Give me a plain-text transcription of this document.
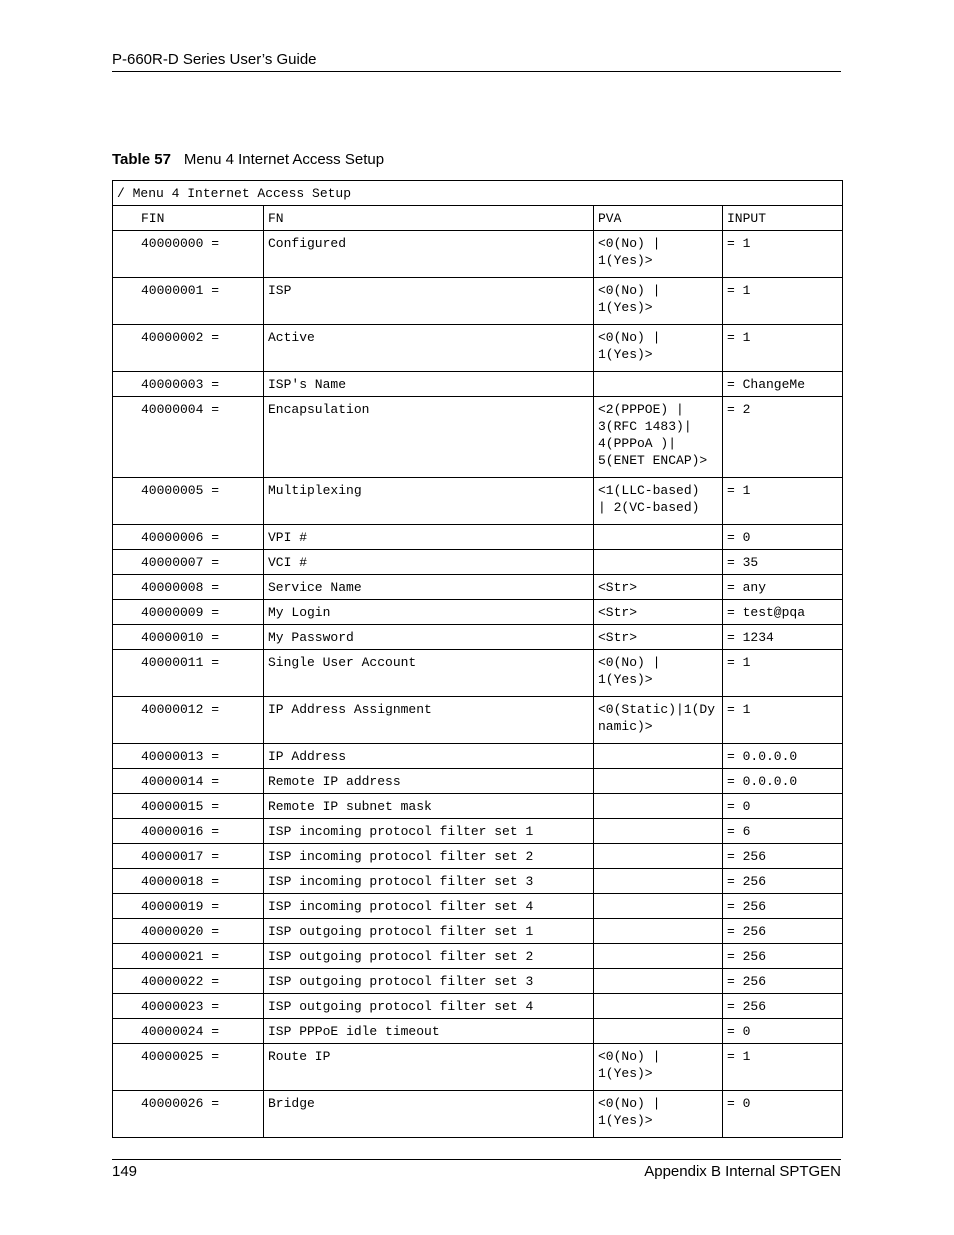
P-660R-D Series User’s Guide
Table 57 Menu 4 Internet Access Setup
/ Menu 4 Internet Access Setup			
FIN	FN	PVA	INPUT
40000000 =	Configured	<0(No) |
1(Yes)>	= 1
40000001 =	ISP	<0(No) |
1(Yes)>	= 1
40000002 =	Active	<0(No) |
1(Yes)>	= 1
40000003 =	ISP's Name		= ChangeMe
40000004 =	Encapsulation	<2(PPPOE) |
3(RFC 1483)|
4(PPPoA )|
5(ENET ENCAP)>	= 2
40000005 =	Multiplexing	<1(LLC-based)
| 2(VC-based)	= 1
40000006 =	VPI #		= 0
40000007 =	VCI #		= 35
40000008 =	Service Name	<Str>	= any
40000009 =	My Login	<Str>	= test@pqa
40000010 =	My Password	<Str>	= 1234
40000011 =	Single User Account	<0(No) |
1(Yes)>	= 1
40000012 =	IP Address Assignment	<0(Static)|1(Dynamic)>	= 1
40000013 =	IP Address		= 0.0.0.0
40000014 =	Remote IP address		= 0.0.0.0
40000015 =	Remote IP subnet mask		= 0
40000016 =	ISP incoming protocol filter set 1		= 6
40000017 =	ISP incoming protocol filter set 2		= 256
40000018 =	ISP incoming protocol filter set 3		= 256
40000019 =	ISP incoming protocol filter set 4		= 256
40000020 =	ISP outgoing protocol filter set 1		= 256
40000021 =	ISP outgoing protocol filter set 2		= 256
40000022 =	ISP outgoing protocol filter set 3		= 256
40000023 =	ISP outgoing protocol filter set 4		= 256
40000024 =	ISP PPPoE idle timeout		= 0
40000025 =	Route IP	<0(No) |
1(Yes)>	= 1
40000026 =	Bridge	<0(No) |
1(Yes)>	= 0
149	Appendix B Internal SPTGEN
